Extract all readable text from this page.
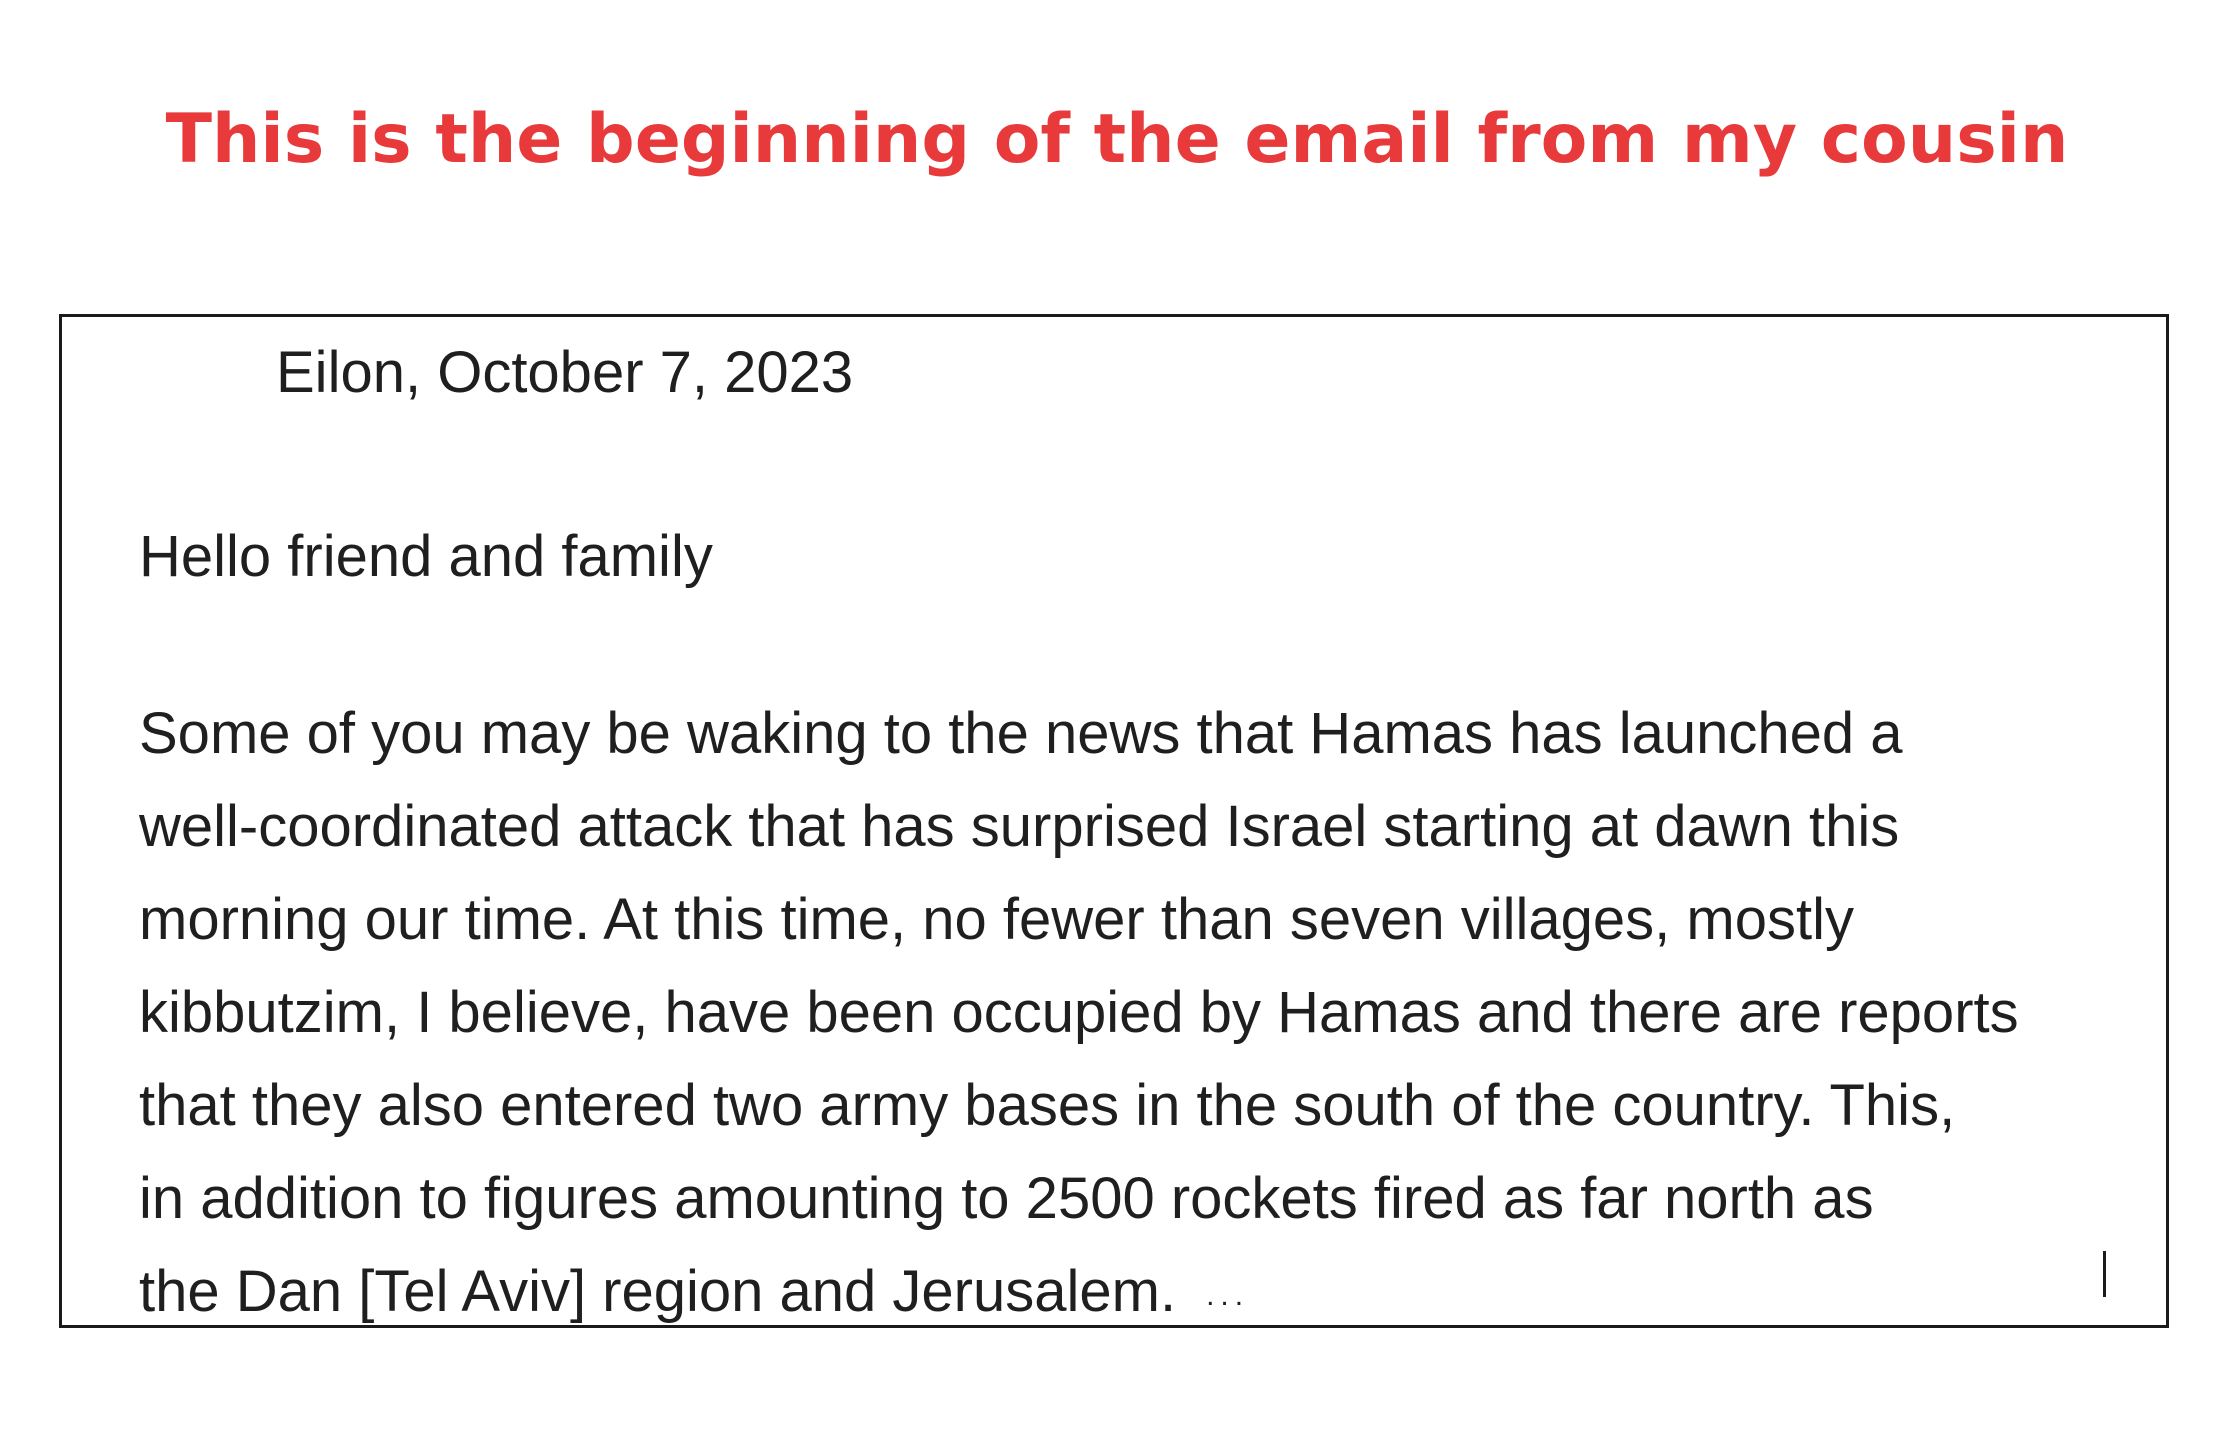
This is the beginning of the email from my cousin
Eilon, October 7, 2023
Hello friend and family
Some of you may be waking to the news that Hamas has launched a
well-coordinated attack that has surprised Israel starting at dawn this
morning our time. At this time, no fewer than seven villages, mostly
kibbutzim, I believe, have been occupied by Hamas and there are reports
that they also entered two army bases in the south of the country. This,
in addition to figures amounting to 2500 rockets fired as far north as
the Dan [Tel Aviv] region and Jerusalem. ...
